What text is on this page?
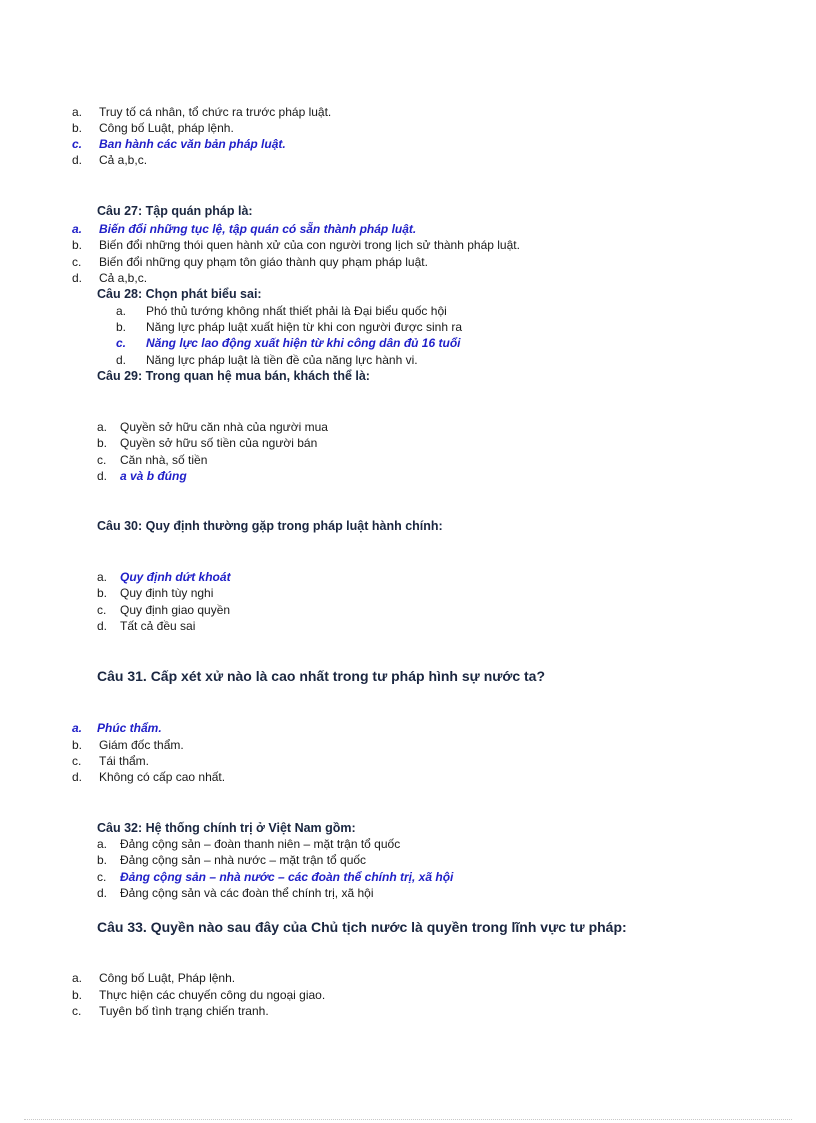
a. Truy tố cá nhân, tổ chức ra trước pháp luật.
b. Công bố Luật, pháp lệnh.
c. Ban hành các văn bản pháp luật.
d. Cả a,b,c.
Câu 27: Tập quán pháp là:
a. Biến đổi những tục lệ, tập quán có sẵn thành pháp luật.
b. Biến đổi những thói quen hành xử của con người trong lịch sử thành pháp luật.
c. Biến đổi những quy phạm tôn giáo thành quy phạm pháp luật.
d. Cả a,b,c.
Câu 28: Chọn phát biểu sai:
a. Phó thủ tướng không nhất thiết phải là Đại biểu quốc hội
b. Năng lực pháp luật xuất hiện từ khi con người được sinh ra
c. Năng lực lao động xuất hiện từ khi công dân đủ 16 tuổi
d. Năng lực pháp luật là tiền đề của năng lực hành vi.
Câu 29: Trong quan hệ mua bán, khách thể là:
a. Quyền sở hữu căn nhà của người mua
b. Quyền sở hữu số tiền của người bán
c. Căn nhà, số tiền
d. a và b đúng
Câu 30: Quy định thường gặp trong pháp luật hành chính:
a. Quy định dứt khoát
b. Quy định tùy nghi
c. Quy định giao quyền
d. Tất cả đều sai
Câu 31. Cấp xét xử nào là cao nhất trong tư pháp hình sự nước ta?
a. Phúc thẩm.
b. Giám đốc thẩm.
c. Tái thẩm.
d. Không có cấp cao nhất.
Câu 32: Hệ thống chính trị ở Việt Nam gồm:
a. Đảng cộng sản – đoàn thanh niên – mặt trận tổ quốc
b. Đảng cộng sản – nhà nước – mặt trận tổ quốc
c. Đảng cộng sản – nhà nước – các đoàn thể chính trị, xã hội
d. Đảng cộng sản và các đoàn thể chính trị, xã hội
Câu 33. Quyền nào sau đây của Chủ tịch nước là quyền trong lĩnh vực tư pháp:
a. Công bố Luật, Pháp lệnh.
b. Thực hiện các chuyến công du ngoại giao.
c. Tuyên bố tình trạng chiến tranh.
